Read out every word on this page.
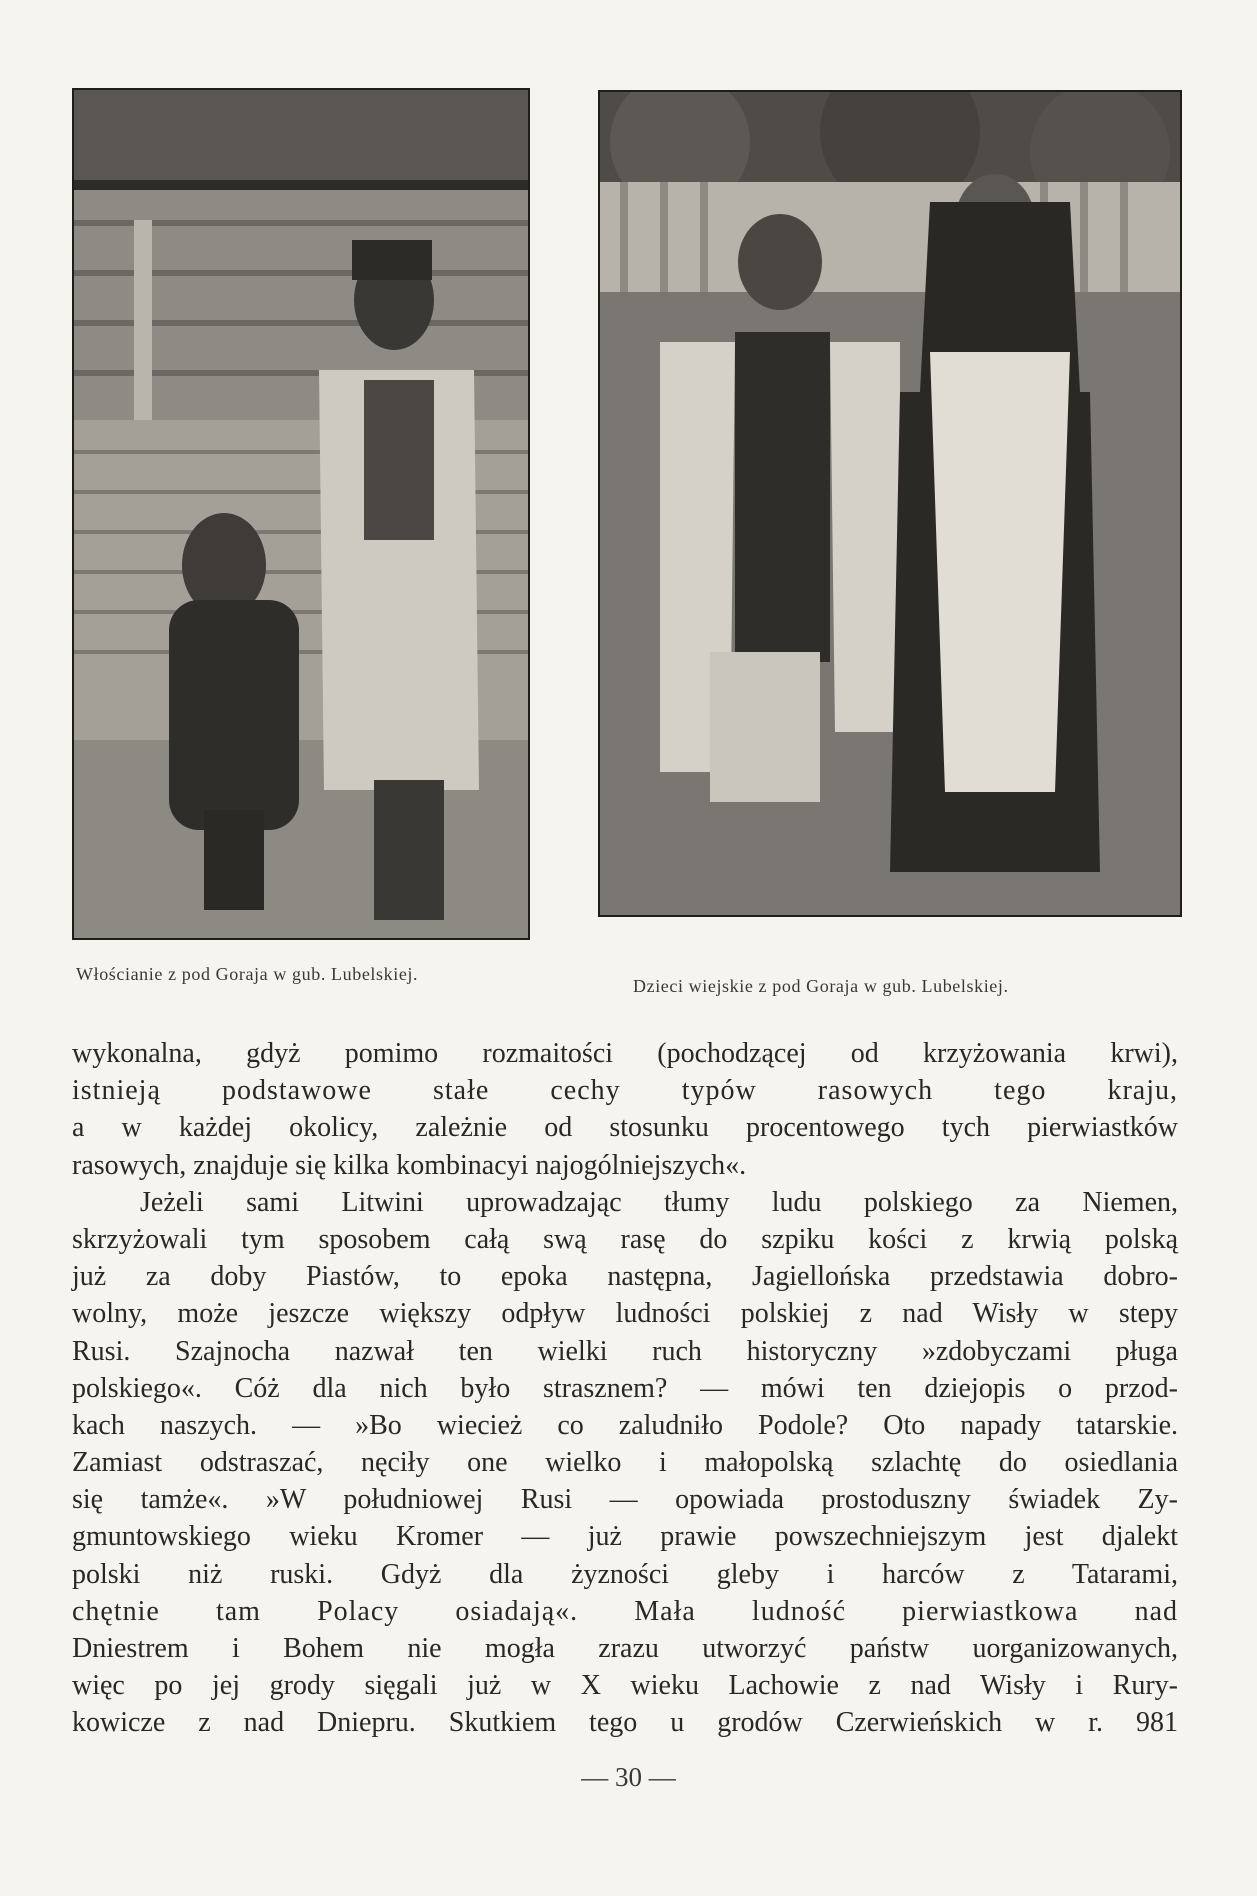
Włościanie z pod Goraja w gub. Lubelskiej.
Dzieci wiejskie z pod Goraja w gub. Lubelskiej.
wykonalna, gdyż pomimo rozmaitości (pochodzącej od krzyżowania krwi),
istnieją podstawowe stałe cechy typów rasowych tego kraju,
a w każdej okolicy, zależnie od stosunku procentowego tych pierwiastków
rasowych, znajduje się kilka kombinacyi najogólniejszych«.
Jeżeli sami Litwini uprowadzając tłumy ludu polskiego za Niemen,
skrzyżowali tym sposobem całą swą rasę do szpiku kości z krwią polską
już za doby Piastów, to epoka następna, Jagiellońska przedstawia dobro-
wolny, może jeszcze większy odpływ ludności polskiej z nad Wisły w stepy
Rusi. Szajnocha nazwał ten wielki ruch historyczny »zdobyczami pługa
polskiego«. Cóż dla nich było strasznem? — mówi ten dziejopis o przod-
kach naszych. — »Bo wiecież co zaludniło Podole? Oto napady tatarskie.
Zamiast odstraszać, nęciły one wielko i małopolską szlachtę do osiedlania
się tamże«. »W południowej Rusi — opowiada prostoduszny świadek Zy-
gmuntowskiego wieku Kromer — już prawie powszechniejszym jest djalekt
polski niż ruski. Gdyż dla żyzności gleby i harców z Tatarami,
chętnie tam Polacy osiadają«. Mała ludność pierwiastkowa nad
Dniestrem i Bohem nie mogła zrazu utworzyć państw uorganizowanych,
więc po jej grody sięgali już w X wieku Lachowie z nad Wisły i Rury-
kowicze z nad Dniepru. Skutkiem tego u grodów Czerwieńskich w r. 981
— 30 —
